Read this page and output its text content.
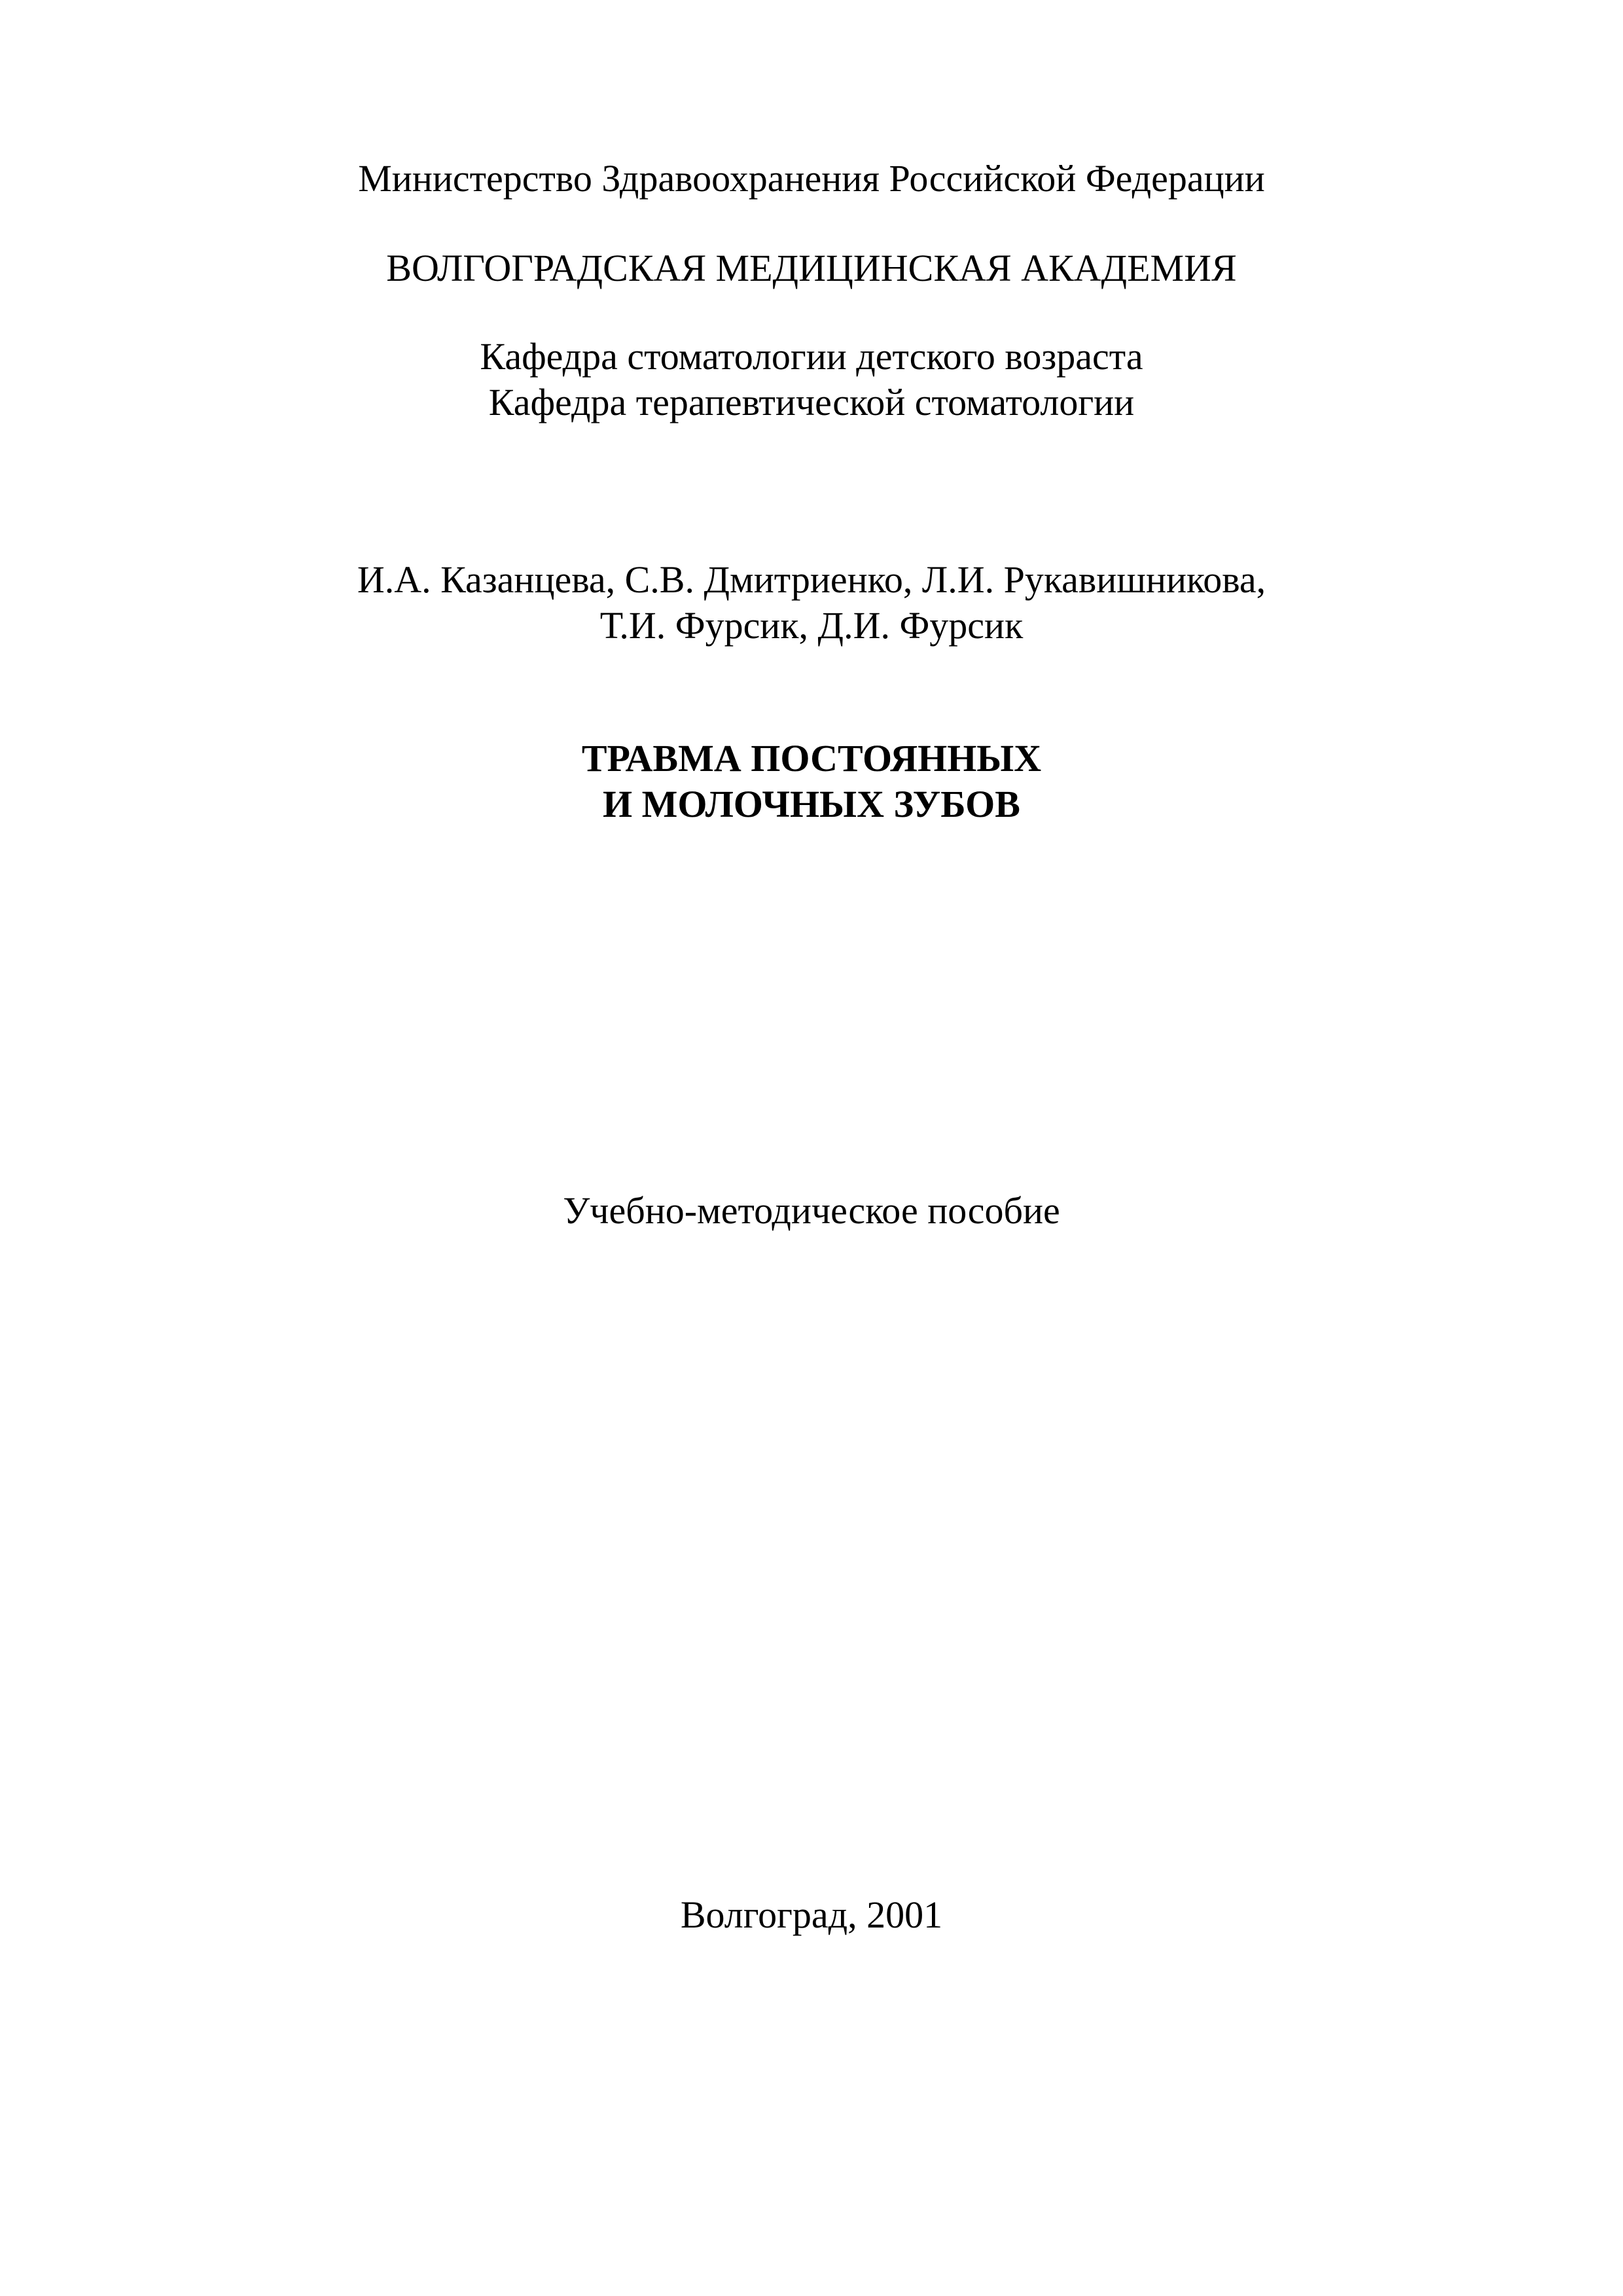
Министерство Здравоохранения Российской Федерации
ВОЛГОГРАДСКАЯ МЕДИЦИНСКАЯ АКАДЕМИЯ
Кафедра стоматологии детского возраста
Кафедра терапевтической стоматологии
И.А. Казанцева, С.В. Дмитриенко, Л.И. Рукавишникова,
Т.И. Фурсик, Д.И. Фурсик
ТРАВМА ПОСТОЯННЫХ
И МОЛОЧНЫХ ЗУБОВ
Учебно-методическое пособие
Волгоград, 2001
